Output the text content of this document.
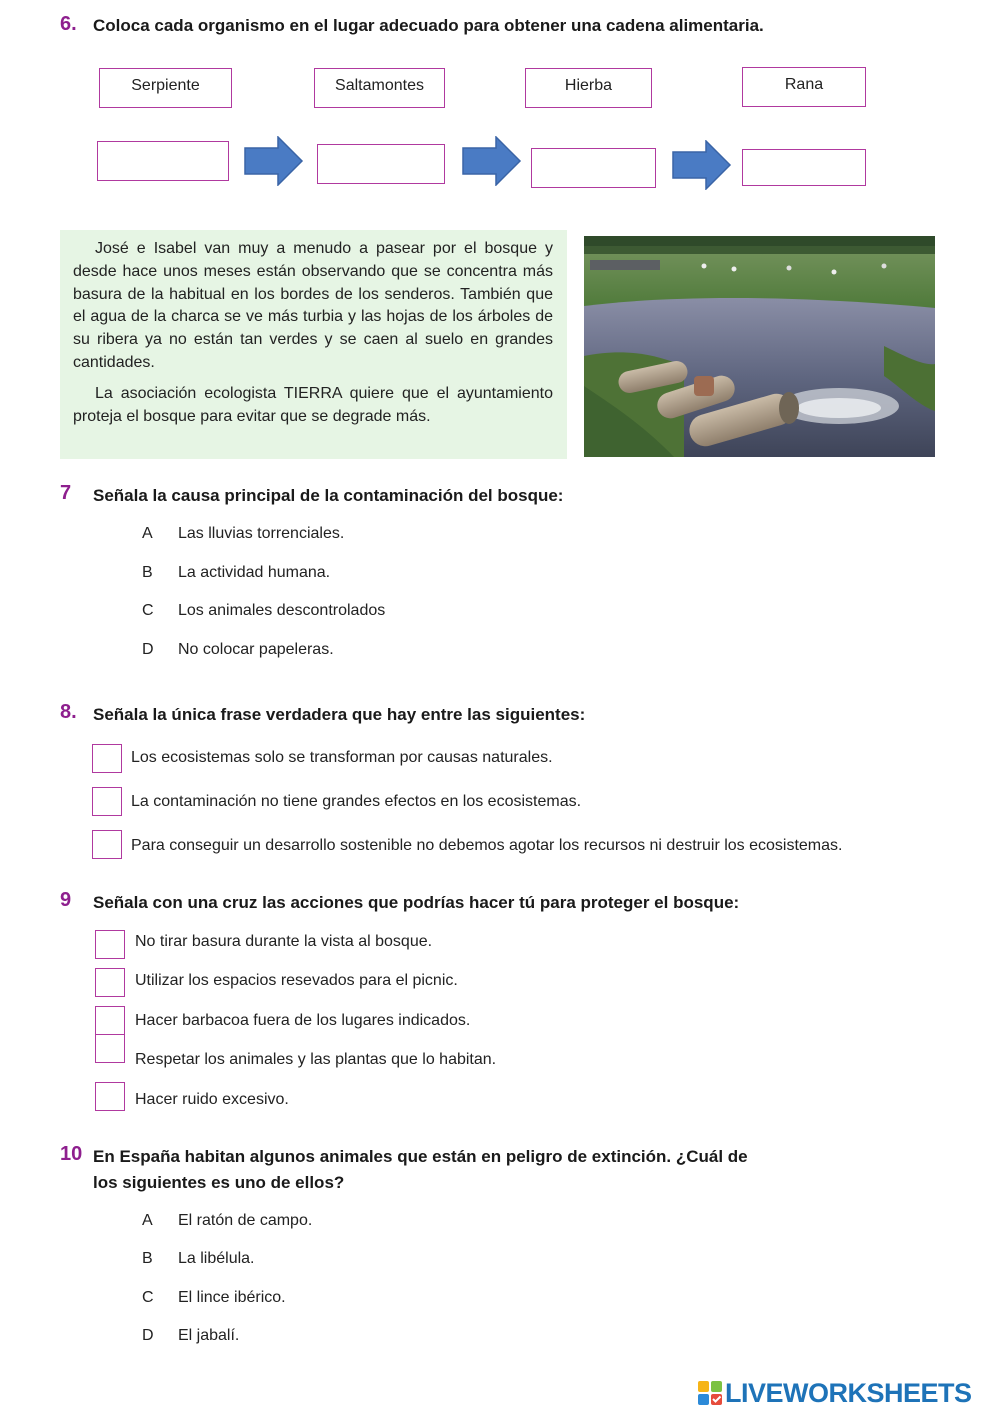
6. Coloca cada organismo en el lugar adecuado para obtener una cadena alimentaria.
Serpiente	Saltamontes	Hierba	Rana

José e Isabel van muy a menudo a pasear por el bosque y desde hace unos meses están observando que se concentra más basura de la habitual en los bordes de los senderos. También que el agua de la charca se ve más turbia y las hojas de los árboles de su ribera ya no están tan verdes y se caen al suelo en grandes cantidades.

La asociación ecologista TIERRA quiere que el ayuntamiento proteja el bosque para evitar que se degrade más.

7 Señala la causa principal de la contaminación del bosque:
A Las lluvias torrenciales.
B La actividad humana.
C Los animales descontrolados
D No colocar papeleras.
8. Señala la única frase verdadera que hay entre las siguientes:
Los ecosistemas solo se transforman por causas naturales.
La contaminación no tiene grandes efectos en los ecosistemas.
Para conseguir un desarrollo sostenible no debemos agotar los recursos ni destruir los ecosistemas.
9 Señala con una cruz las acciones que podrías hacer tú para proteger el bosque:
No tirar basura durante la vista al bosque.
Utilizar los espacios resevados para el picnic.
Hacer barbacoa fuera de los lugares indicados.
Respetar los animales y las plantas que lo habitan.
Hacer ruido excesivo.
10 En España habitan algunos animales que están en peligro de extinción. ¿Cuál de
los siguientes es uno de ellos?
A El ratón de campo.
B La libélula.
C El lince ibérico.
D El jabalí.
LIVEWORKSHEETS
